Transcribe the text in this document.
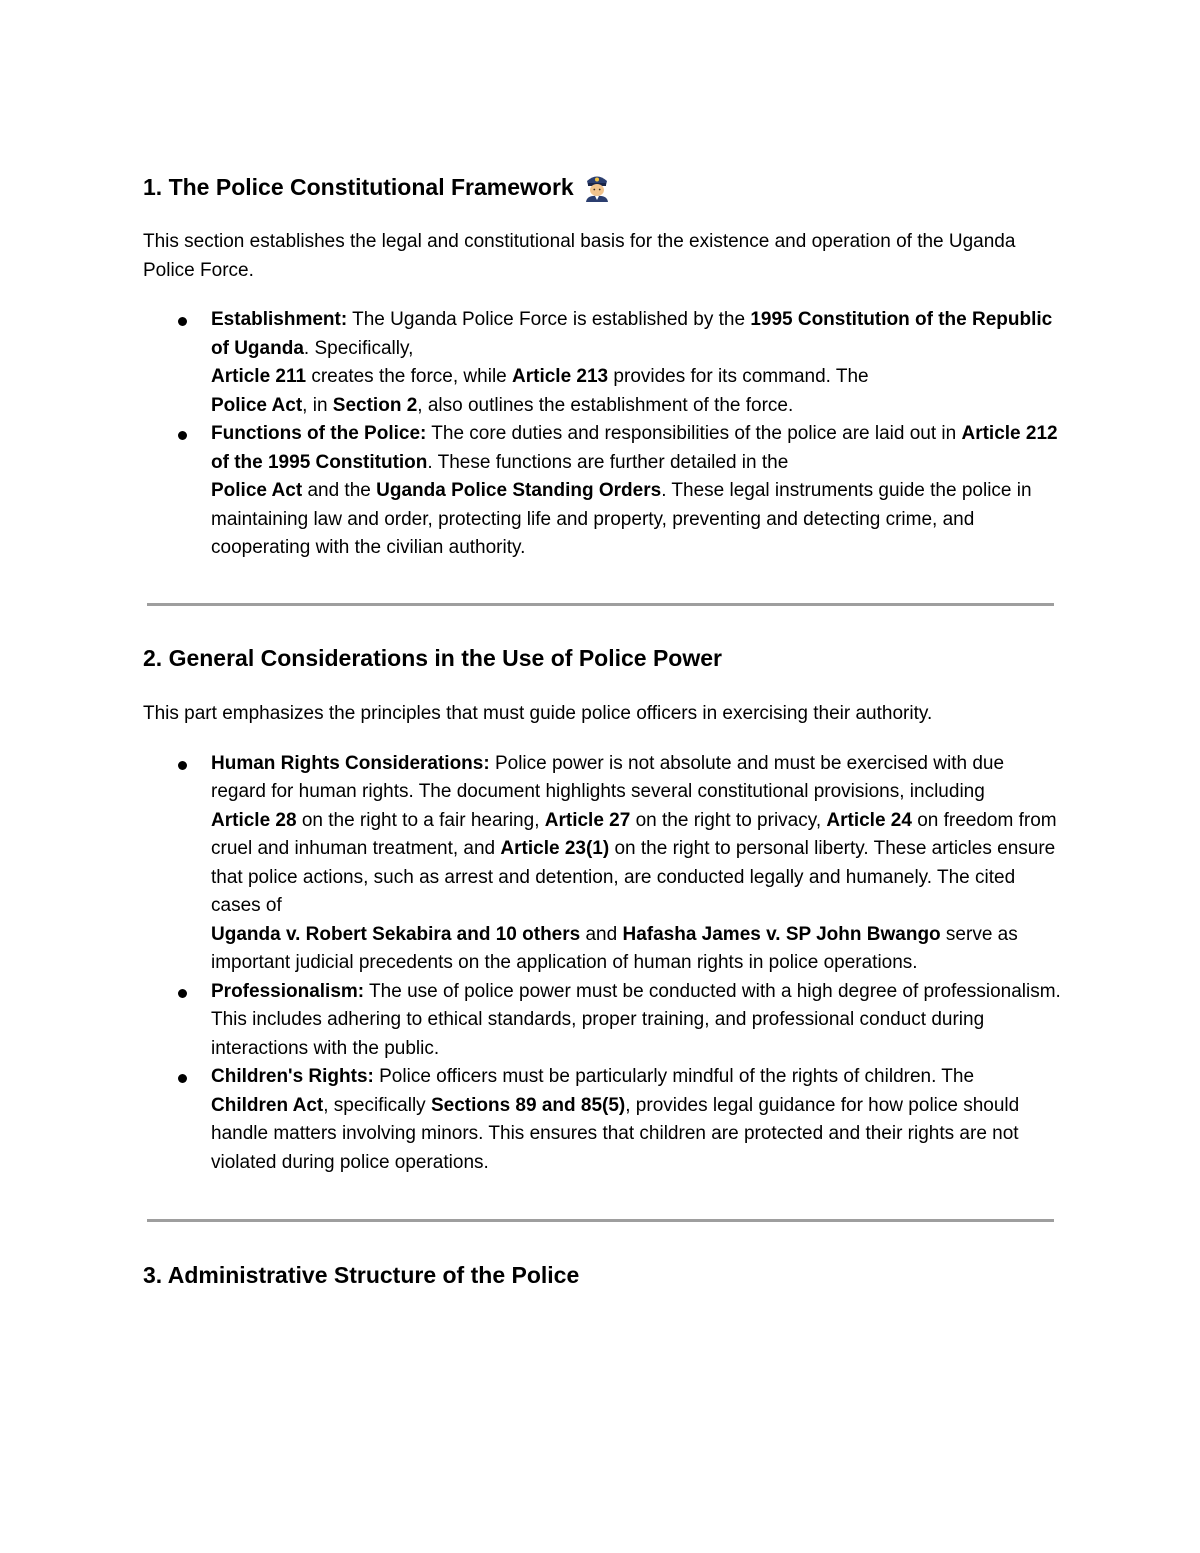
1. The Police Constitutional Framework

This section establishes the legal and constitutional basis for the existence and operation of the Uganda Police Force.

Establishment: The Uganda Police Force is established by the 1995 Constitution of the Republic of Uganda. Specifically,
Article 211 creates the force, while Article 213 provides for its command. The
Police Act, in Section 2, also outlines the establishment of the force.
Functions of the Police: The core duties and responsibilities of the police are laid out in Article 212 of the 1995 Constitution. These functions are further detailed in the
Police Act and the Uganda Police Standing Orders. These legal instruments guide the police in maintaining law and order, protecting life and property, preventing and detecting crime, and cooperating with the civilian authority.
2. General Considerations in the Use of Police Power

This part emphasizes the principles that must guide police officers in exercising their authority.

Human Rights Considerations: Police power is not absolute and must be exercised with due regard for human rights. The document highlights several constitutional provisions, including
Article 28 on the right to a fair hearing, Article 27 on the right to privacy, Article 24 on freedom from cruel and inhuman treatment, and Article 23(1) on the right to personal liberty. These articles ensure that police actions, such as arrest and detention, are conducted legally and humanely. The cited cases of
Uganda v. Robert Sekabira and 10 others and Hafasha James v. SP John Bwango serve as important judicial precedents on the application of human rights in police operations.
Professionalism: The use of police power must be conducted with a high degree of professionalism. This includes adhering to ethical standards, proper training, and professional conduct during interactions with the public.
Children's Rights: Police officers must be particularly mindful of the rights of children. The
Children Act, specifically Sections 89 and 85(5), provides legal guidance for how police should handle matters involving minors. This ensures that children are protected and their rights are not violated during police operations.
3. Administrative Structure of the Police
